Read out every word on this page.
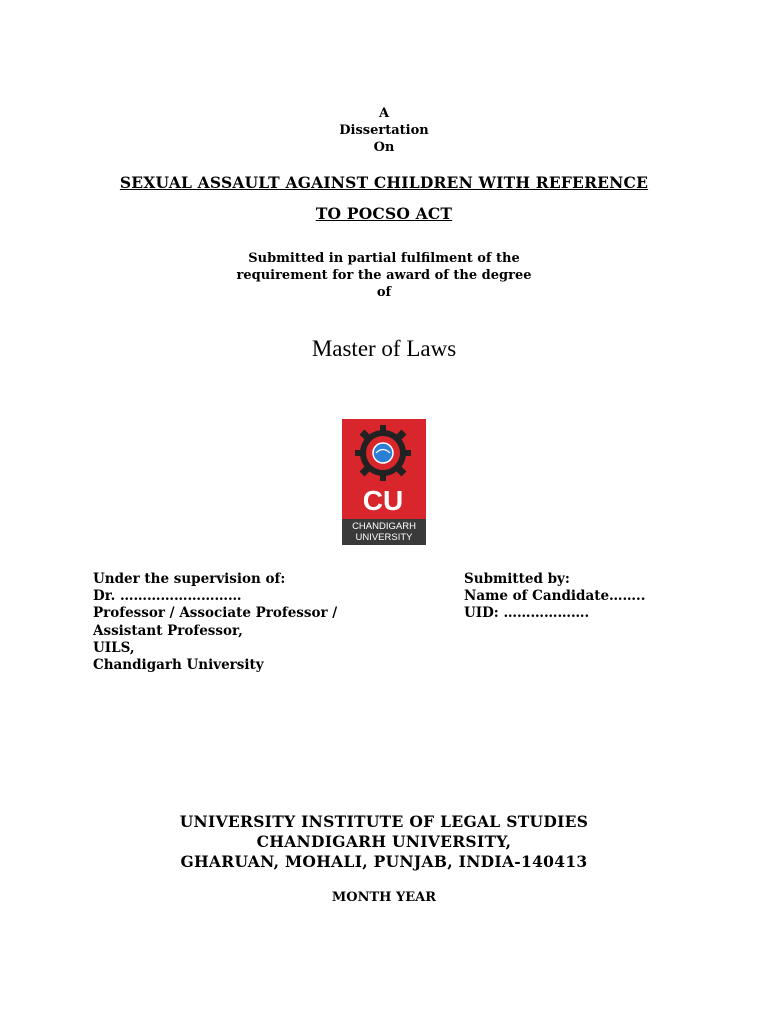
A
Dissertation
On
SEXUAL ASSAULT AGAINST CHILDREN WITH REFERENCE
TO POCSO ACT
Submitted in partial fulfilment of the
requirement for the award of the degree
of
Master of Laws
CU
CHANDIGARH
UNIVERSITY
Under the supervision of:
Dr. ………………………
Professor / Associate Professor /
Assistant Professor,
UILS,
Chandigarh University
Submitted by:
Name of Candidate……..
UID: ……………….
UNIVERSITY INSTITUTE OF LEGAL STUDIES
CHANDIGARH UNIVERSITY,
GHARUAN, MOHALI, PUNJAB, INDIA-140413
MONTH YEAR
